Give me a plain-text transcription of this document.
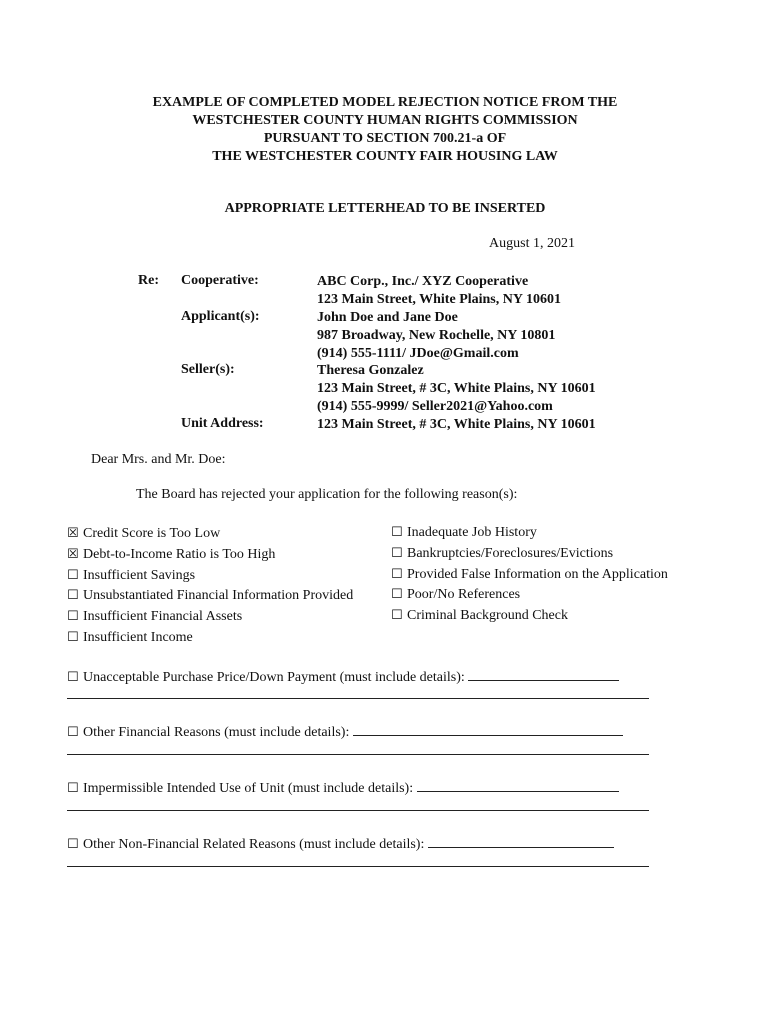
EXAMPLE OF COMPLETED MODEL REJECTION NOTICE FROM THE
WESTCHESTER COUNTY HUMAN RIGHTS COMMISSION
PURSUANT TO SECTION 700.21-a OF
THE WESTCHESTER COUNTY FAIR HOUSING LAW
APPROPRIATE LETTERHEAD TO BE INSERTED
August 1, 2021
Re: Cooperative:	ABC Corp., Inc./ XYZ Cooperative
123 Main Street, White Plains, NY 10601
Applicant(s):	John Doe and Jane Doe
987 Broadway, New Rochelle, NY 10801
(914) 555-1111/ JDoe@Gmail.com
Seller(s):	Theresa Gonzalez
123 Main Street, # 3C, White Plains, NY 10601
(914) 555-9999/ Seller2021@Yahoo.com
Unit Address:	123 Main Street, # 3C, White Plains, NY 10601
Dear Mrs. and Mr. Doe:
The Board has rejected your application for the following reason(s):
☒ Credit Score is Too Low
☒ Debt-to-Income Ratio is Too High
☐ Insufficient Savings
☐ Unsubstantiated Financial Information Provided
☐ Insufficient Financial Assets
☐ Insufficient Income
☐ Inadequate Job History
☐ Bankruptcies/Foreclosures/Evictions
☐ Provided False Information on the Application
☐ Poor/No References
☐ Criminal Background Check
☐ Unacceptable Purchase Price/Down Payment (must include details):
☐ Other Financial Reasons (must include details):
☐ Impermissible Intended Use of Unit (must include details):
☐ Other Non-Financial Related Reasons (must include details):
